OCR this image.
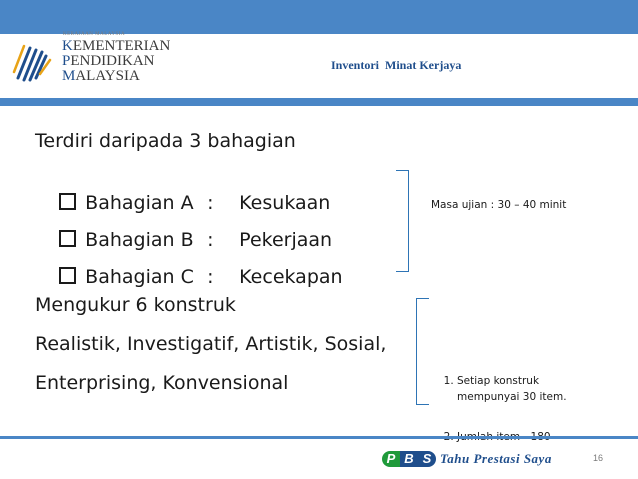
KERAJAAN MALAYSIA
KEMENTERIAN
PENDIDIKAN
MALAYSIA
Inventori  Minat Kerjaya
Terdiri daripada 3 bahagian

Bahagian A : Kesukaan

Bahagian B : Pekerjaan

Bahagian C : Kecekapan

Masa ujian : 30 – 40 minit
Mengukur 6 konstruk
Realistik, Investigatif, Artistik, Sosial,
Enterprising, Konvensional

1.	Setiap konstruk
mempunyai 30 item.

2.

P B S Tahu Prestasi Saya	16
